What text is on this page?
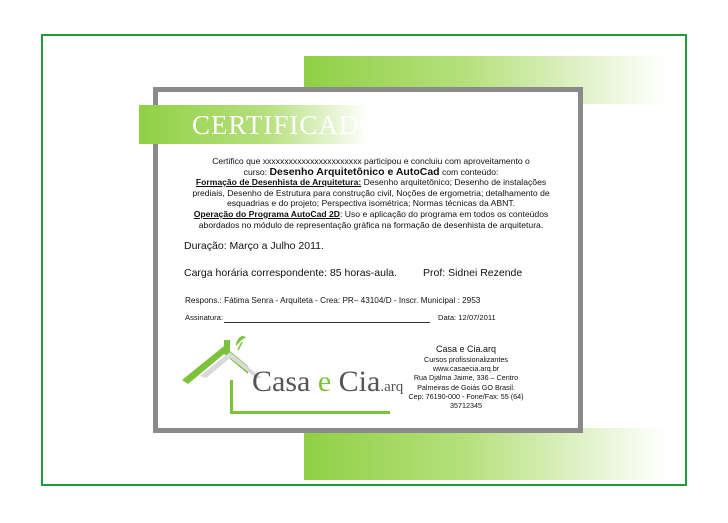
CERTIFICADO
Certifico que xxxxxxxxxxxxxxxxxxxxxxx participou e concluiu com aproveitamento o
curso: Desenho Arquitetônico e AutoCad com conteúdo:
Formação de Desenhista de Arquitetura: Desenho arquitetônico; Desenho de instalações prediais, Desenho de Estrutura para construção civil, Noções de ergometria; detalhamento de esquadrias e do projeto; Perspectiva isométrica; Normas técnicas da ABNT.
Operação do Programa AutoCad 2D: Uso e aplicação do programa em todos os conteúdos abordados no módulo de representação gráfica na formação de desenhista de arquitetura.
Duração: Março a Julho 2011.
Carga horária correspondente: 85 horas-aula. Prof: Sidnei Rezende
Respons.: Fátima Senra - Arquiteta - Crea: PR– 43104/D - Inscr. Municipal : 2953
Assinatura:	Data: 12/07/2011
Casa e Cia.arq
Casa e Cia.arq
Cursos profissionalizantes
www.casaecia.arq.br
Rua Djalma Jaime, 336 – Centro
Palmeiras de Goiás GO Brasil.
Cep: 76190-000 - Fone/Fax: 55 (64) 35712345
